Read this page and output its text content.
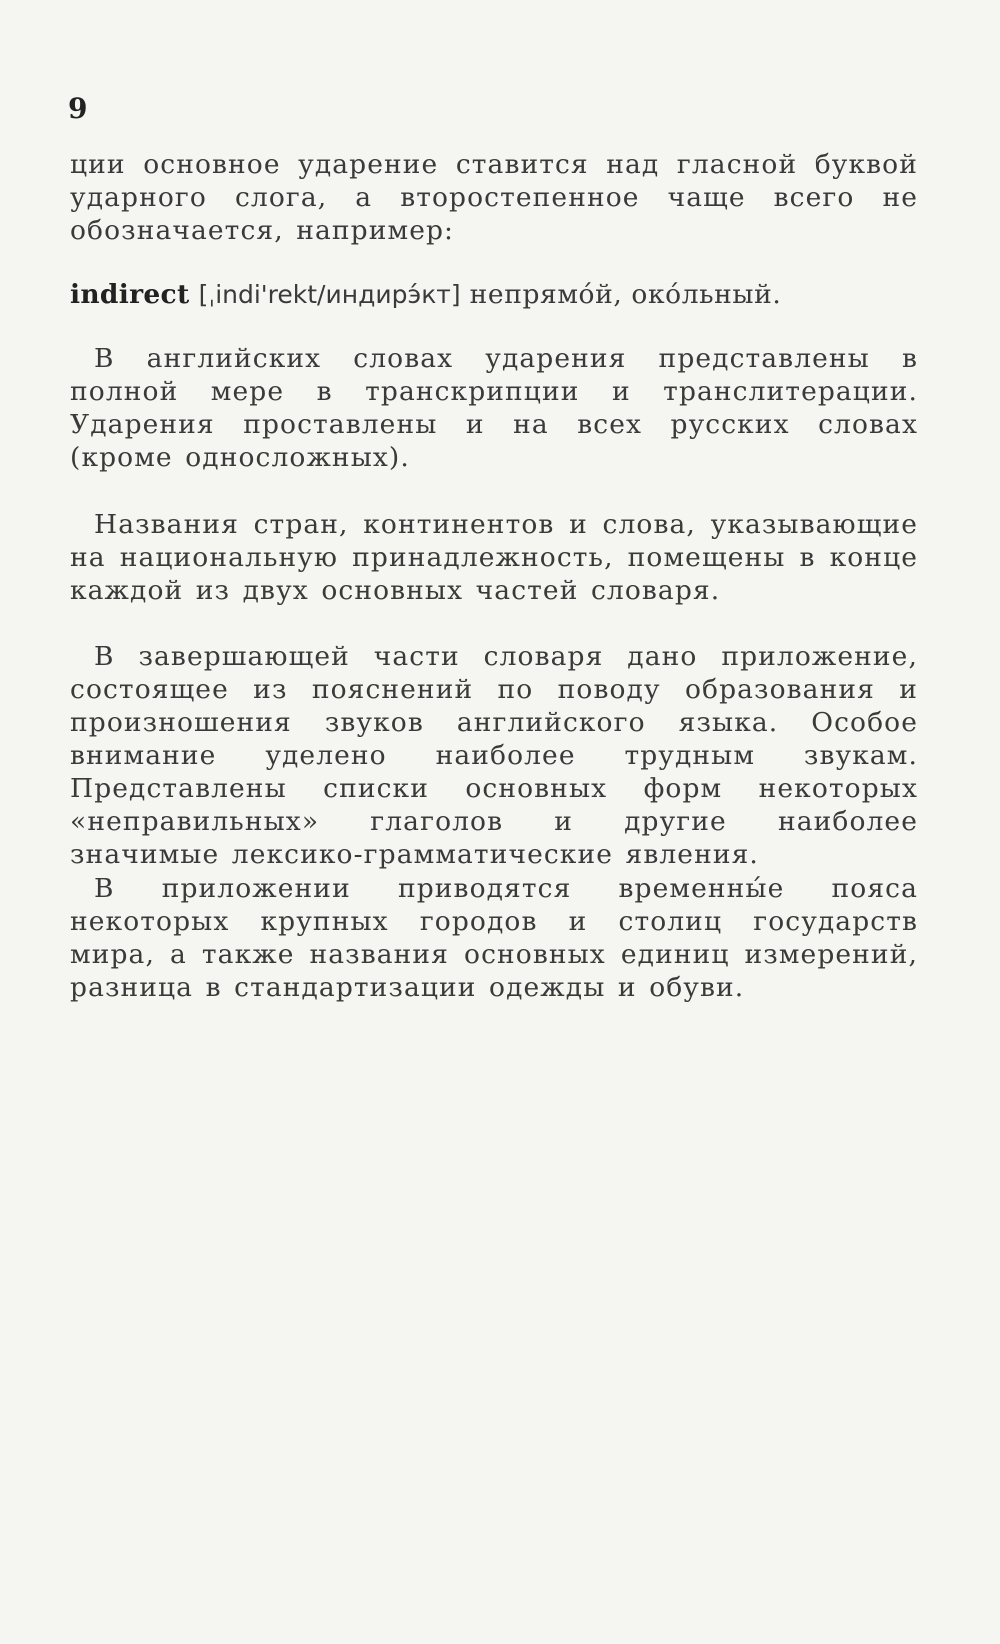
9

ции основное ударение ставится над гласной буквой ударного слога, а второстепенное чаще всего не обозначается, например:

indirect [ˌindi'rekt/индирэ́кт] непрямо́й, око́льный.

В английских словах ударения представлены в полной мере в транскрипции и транслитерации. Ударения проставлены и на всех русских словах (кроме односложных).

Названия стран, континентов и слова, указывающие на национальную принадлежность, помещены в конце каждой из двух основных частей словаря.

В завершающей части словаря дано приложение, состоящее из пояснений по поводу образования и произношения звуков английского языка. Особое внимание уделено наиболее трудным звукам. Представлены списки основных форм некоторых «неправильных» глаголов и другие наиболее значимые лексико-грамматические явления.

В приложении приводятся временны́е пояса некоторых крупных городов и столиц государств мира, а также названия основных единиц измерений, разница в стандартизации одежды и обуви.
